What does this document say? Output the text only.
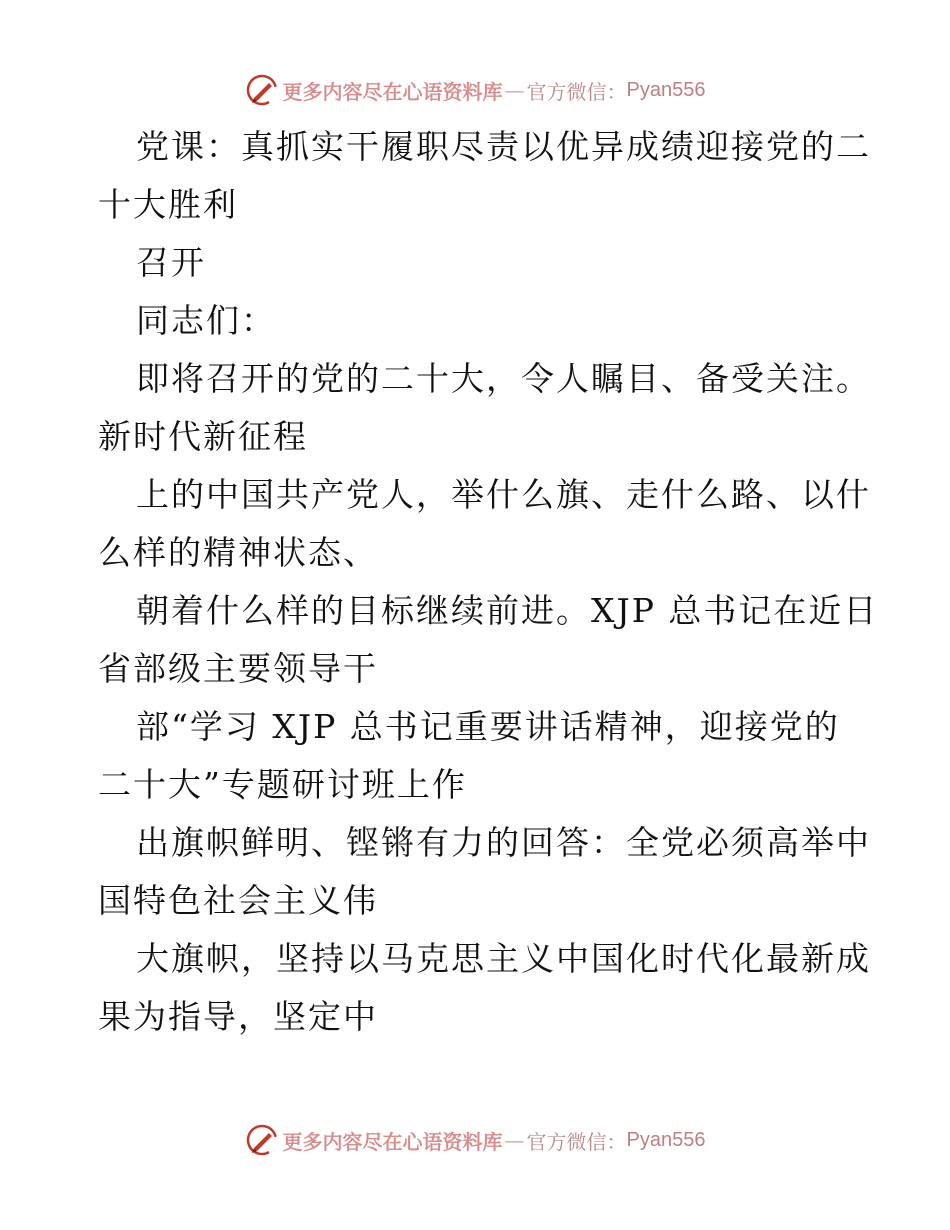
更多内容尽在心语资料库 — 官方微信： Pyan556
党课：真抓实干履职尽责以优异成绩迎接党的二
十大胜利
召开
同志们：
即将召开的党的二十大，令人瞩目、备受关注。
新时代新征程
上的中国共产党人，举什么旗、走什么路、以什
么样的精神状态、
朝着什么样的目标继续前进。XJP 总书记在近日
省部级主要领导干
部“学习 XJP 总书记重要讲话精神，迎接党的
二十大”专题研讨班上作
出旗帜鲜明、铿锵有力的回答：全党必须高举中
国特色社会主义伟
大旗帜，坚持以马克思主义中国化时代化最新成
果为指导，坚定中
更多内容尽在心语资料库 — 官方微信： Pyan556
